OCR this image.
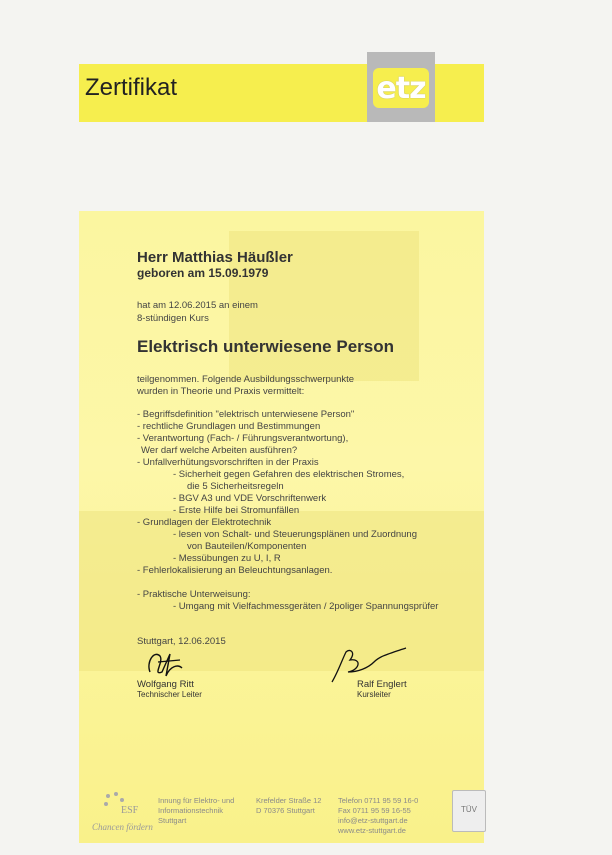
Zertifikat	etz
Herr Matthias Häußler
geboren am 15.09.1979
hat am 12.06.2015 an einem
8-stündigen Kurs
Elektrisch unterwiesene Person
teilgenommen. Folgende Ausbildungsschwerpunkte
wurden in Theorie und Praxis vermittelt:
- Begriffsdefinition "elektrisch unterwiesene Person"
- rechtliche Grundlagen und Bestimmungen
- Verantwortung (Fach- / Führungsverantwortung),
Wer darf welche Arbeiten ausführen?
- Unfallverhütungsvorschriften in der Praxis
- Sicherheit gegen Gefahren des elektrischen Stromes,
die 5 Sicherheitsregeln
- BGV A3 und VDE Vorschriftenwerk
- Erste Hilfe bei Stromunfällen
- Grundlagen der Elektrotechnik
- lesen von Schalt- und Steuerungsplänen und Zuordnung
von Bauteilen/Komponenten
- Messübungen zu U, I, R
- Fehlerlokalisierung an Beleuchtungsanlagen.
- Praktische Unterweisung:
- Umgang mit Vielfachmessgeräten / 2poliger Spannungsprüfer
Stuttgart, 12.06.2015
Wolfgang Ritt
Technischer Leiter
Ralf Englert
Kursleiter
ESF
Chancen fördern
Innung für Elektro- und
Informationstechnik
Stuttgart
Krefelder Straße 12
D 70376 Stuttgart
Telefon 0711 95 59 16-0
Fax 0711 95 59 16-55
info@etz-stuttgart.de
www.etz-stuttgart.de
TÜV
